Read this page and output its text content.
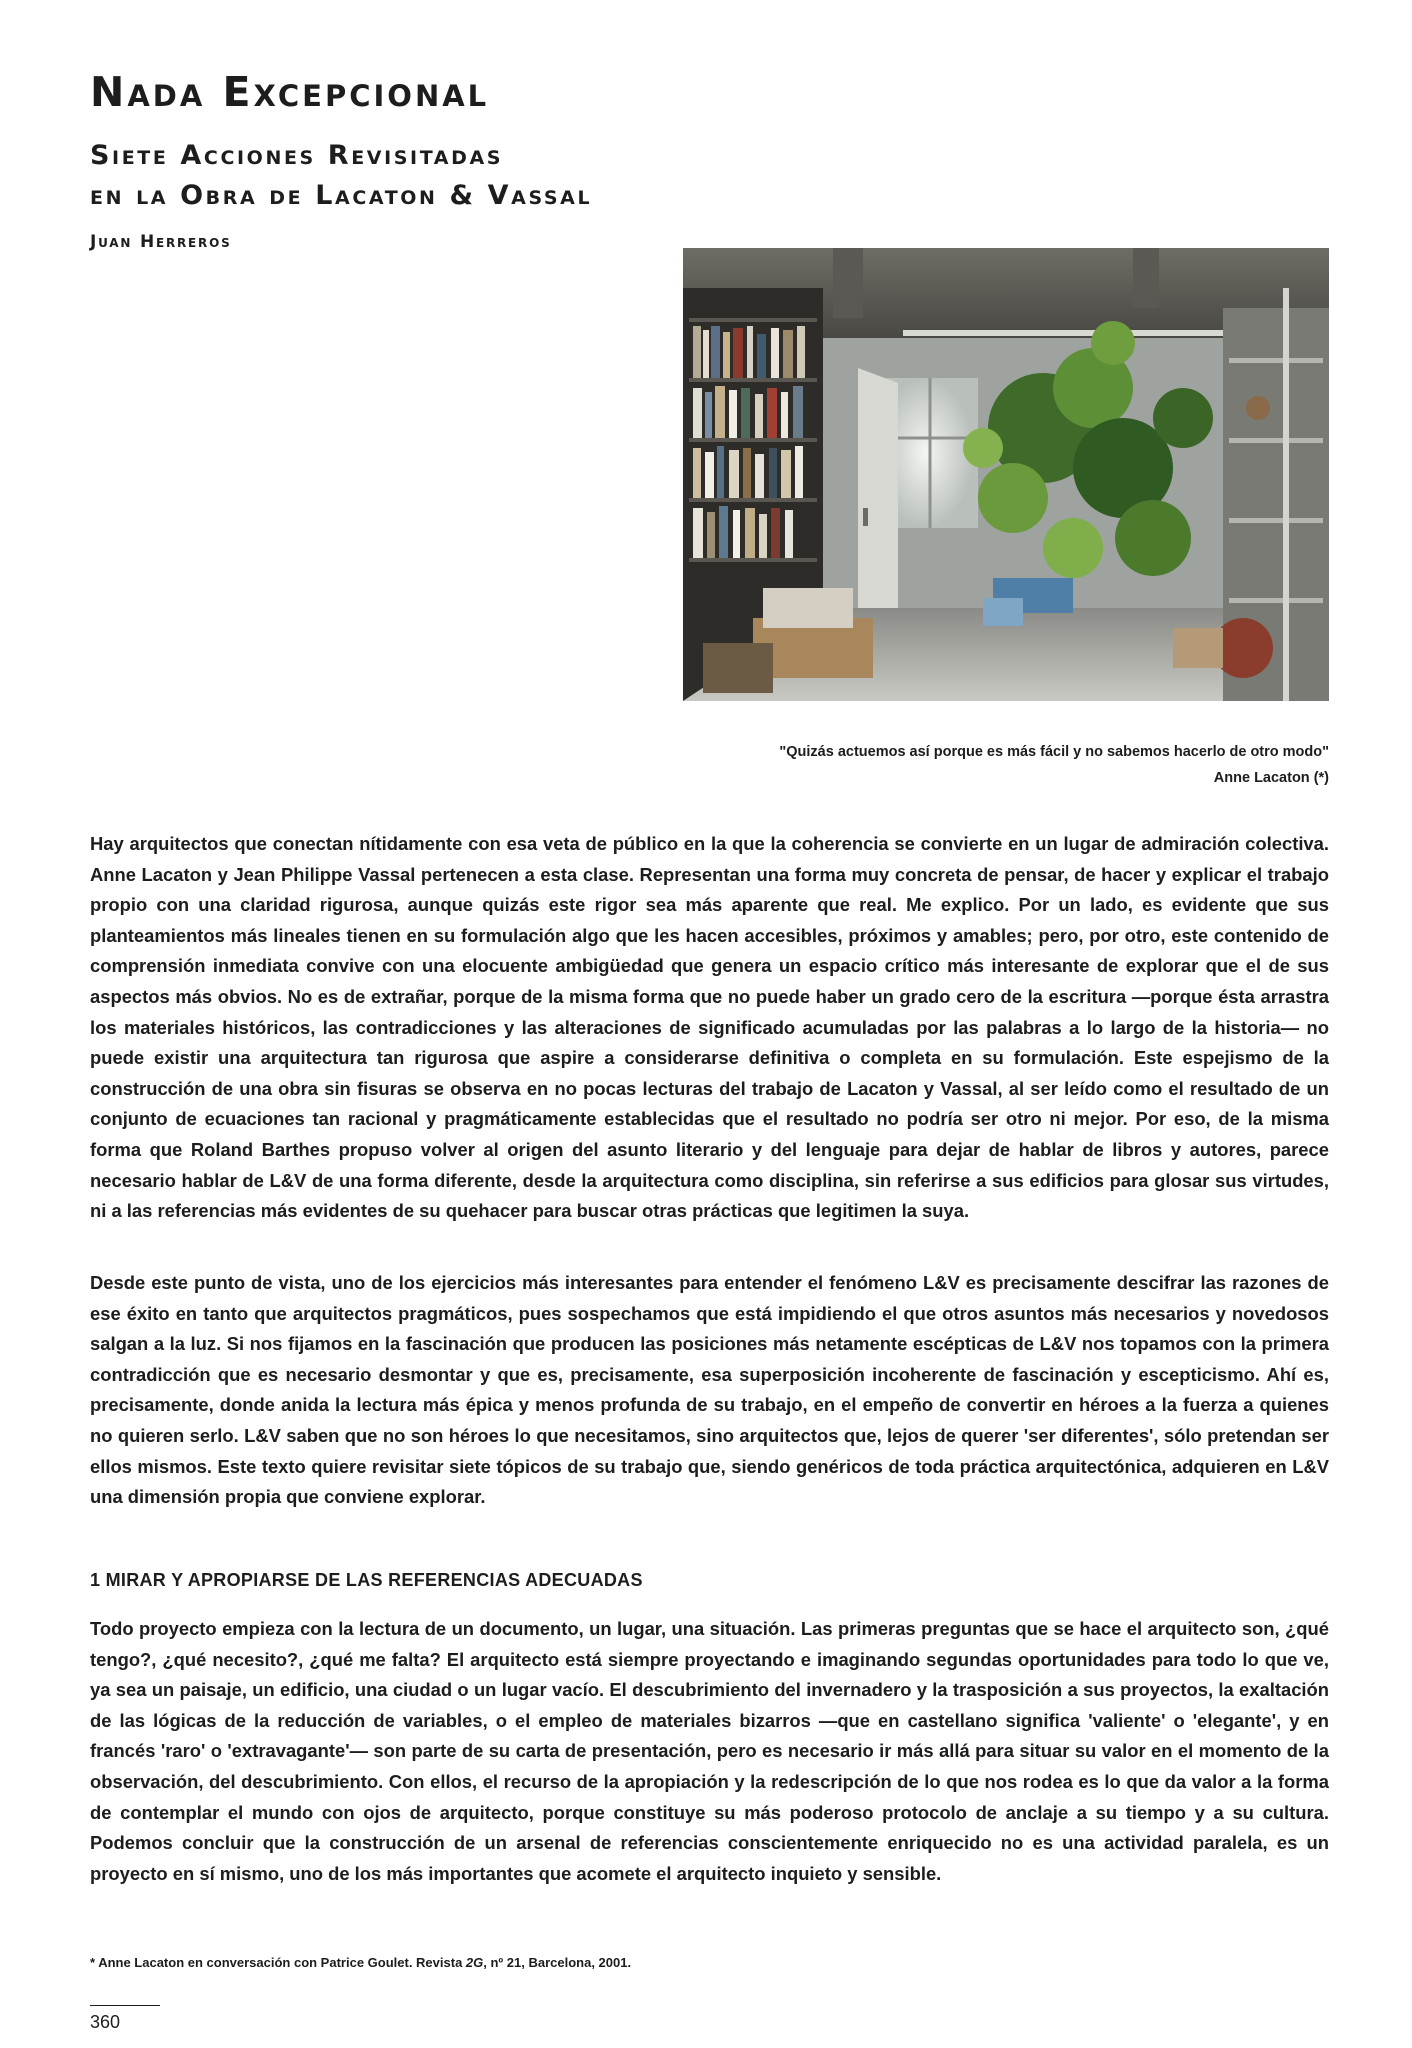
Nada Excepcional
Siete Acciones Revisitadas
en la Obra de Lacaton & Vassal

Juan Herreros

"Quizás actuemos así porque es más fácil y no sabemos hacerlo de otro modo"

Anne Lacaton (*)

Hay arquitectos que conectan nítidamente con esa veta de público en la que la coherencia se convierte en un lugar de admiración colectiva. Anne Lacaton y Jean Philippe Vassal pertenecen a esta clase. Representan una forma muy concreta de pensar, de hacer y explicar el trabajo propio con una claridad rigurosa, aunque quizás este rigor sea más aparente que real. Me explico. Por un lado, es evidente que sus planteamientos más lineales tienen en su formulación algo que les hacen accesibles, próximos y amables; pero, por otro, este contenido de comprensión inmediata convive con una elocuente ambigüedad que genera un espacio crítico más interesante de explorar que el de sus aspectos más obvios. No es de extrañar, porque de la misma forma que no puede haber un grado cero de la escritura —porque ésta arrastra los materiales históricos, las contradicciones y las alteraciones de significado acumuladas por las palabras a lo largo de la historia— no puede existir una arquitectura tan rigurosa que aspire a considerarse definitiva o completa en su formulación. Este espejismo de la construcción de una obra sin fisuras se observa en no pocas lecturas del trabajo de Lacaton y Vassal, al ser leído como el resultado de un conjunto de ecuaciones tan racional y pragmáticamente establecidas que el resultado no podría ser otro ni mejor. Por eso, de la misma forma que Roland Barthes propuso volver al origen del asunto literario y del lenguaje para dejar de hablar de libros y autores, parece necesario hablar de L&V de una forma diferente, desde la arquitectura como disciplina, sin referirse a sus edificios para glosar sus virtudes, ni a las referencias más evidentes de su quehacer para buscar otras prácticas que legitimen la suya.

Desde este punto de vista, uno de los ejercicios más interesantes para entender el fenómeno L&V es precisamente descifrar las razones de ese éxito en tanto que arquitectos pragmáticos, pues sospechamos que está impidiendo el que otros asuntos más necesarios y novedosos salgan a la luz. Si nos fijamos en la fascinación que producen las posiciones más netamente escépticas de L&V nos topamos con la primera contradicción que es necesario desmontar y que es, precisamente, esa superposición incoherente de fascinación y escepticismo. Ahí es, precisamente, donde anida la lectura más épica y menos profunda de su trabajo, en el empeño de convertir en héroes a la fuerza a quienes no quieren serlo. L&V saben que no son héroes lo que necesitamos, sino arquitectos que, lejos de querer 'ser diferentes', sólo pretendan ser ellos mismos. Este texto quiere revisitar siete tópicos de su trabajo que, siendo genéricos de toda práctica arquitectónica, adquieren en L&V una dimensión propia que conviene explorar.

1 MIRAR Y APROPIARSE DE LAS REFERENCIAS ADECUADAS

Todo proyecto empieza con la lectura de un documento, un lugar, una situación. Las primeras preguntas que se hace el arquitecto son, ¿qué tengo?, ¿qué necesito?, ¿qué me falta? El arquitecto está siempre proyectando e imaginando segundas oportunidades para todo lo que ve, ya sea un paisaje, un edificio, una ciudad o un lugar vacío. El descubrimiento del invernadero y la trasposición a sus proyectos, la exaltación de las lógicas de la reducción de variables, o el empleo de materiales bizarros —que en castellano significa 'valiente' o 'elegante', y en francés 'raro' o 'extravagante'— son parte de su carta de presentación, pero es necesario ir más allá para situar su valor en el momento de la observación, del descubrimiento. Con ellos, el recurso de la apropiación y la redescripción de lo que nos rodea es lo que da valor a la forma de contemplar el mundo con ojos de arquitecto, porque constituye su más poderoso protocolo de anclaje a su tiempo y a su cultura. Podemos concluir que la construcción de un arsenal de referencias conscientemente enriquecido no es una actividad paralela, es un proyecto en sí mismo, uno de los más importantes que acomete el arquitecto inquieto y sensible.

* Anne Lacaton en conversación con Patrice Goulet. Revista 2G, nº 21, Barcelona, 2001.

360
